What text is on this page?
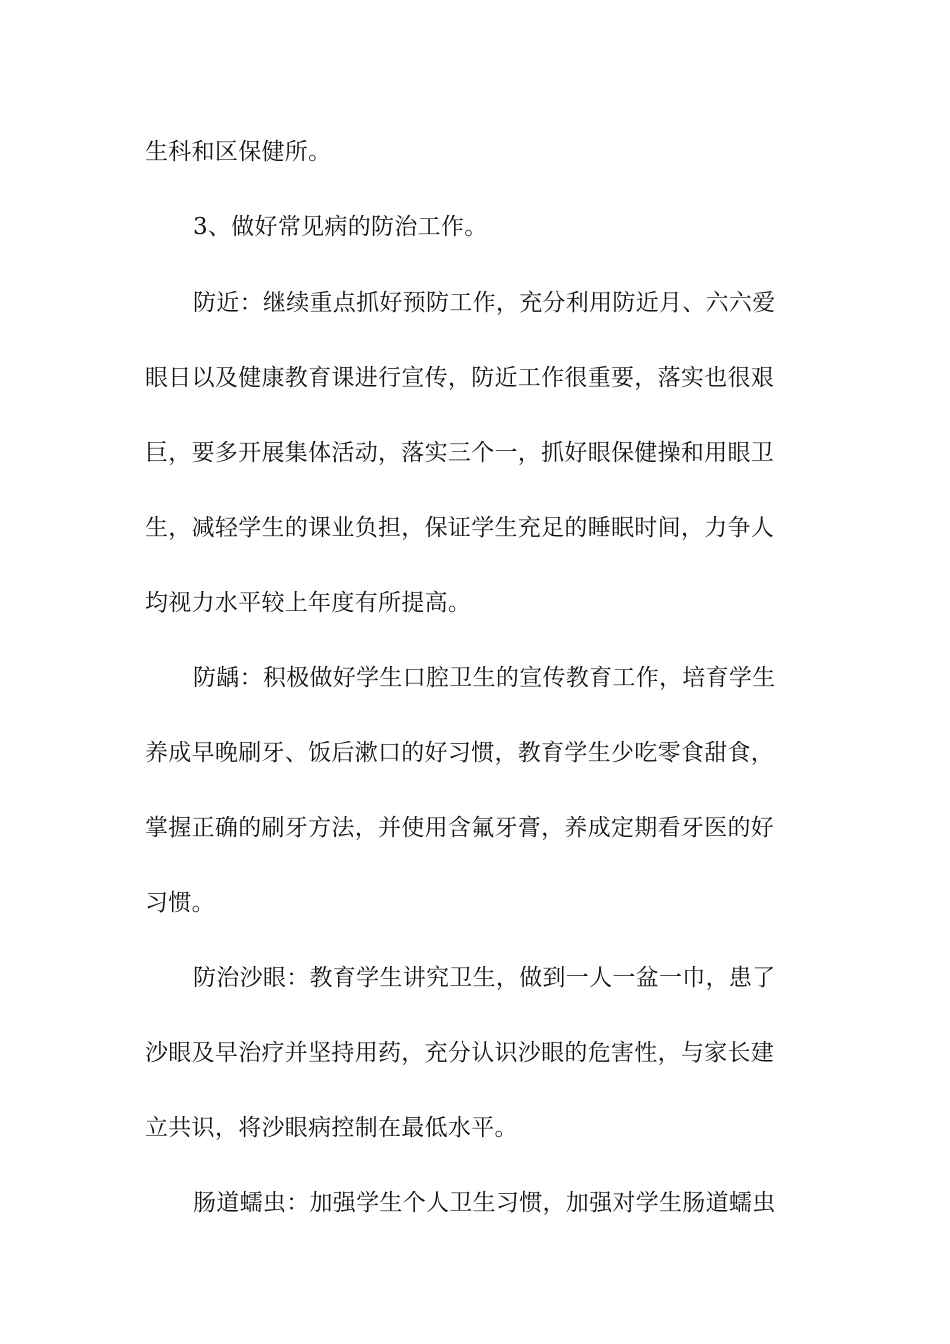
生科和区保健所。
3、做好常见病的防治工作。
防近：继续重点抓好预防工作，充分利用防近月、六六爱
眼日以及健康教育课进行宣传，防近工作很重要，落实也很艰
巨，要多开展集体活动，落实三个一，抓好眼保健操和用眼卫
生，减轻学生的课业负担，保证学生充足的睡眠时间，力争人
均视力水平较上年度有所提高。
防龋：积极做好学生口腔卫生的宣传教育工作，培育学生
养成早晚刷牙、饭后漱口的好习惯，教育学生少吃零食甜食，
掌握正确的刷牙方法，并使用含氟牙膏，养成定期看牙医的好
习惯。
防治沙眼：教育学生讲究卫生，做到一人一盆一巾，患了
沙眼及早治疗并坚持用药，充分认识沙眼的危害性，与家长建
立共识，将沙眼病控制在最低水平。
肠道蠕虫：加强学生个人卫生习惯，加强对学生肠道蠕虫
